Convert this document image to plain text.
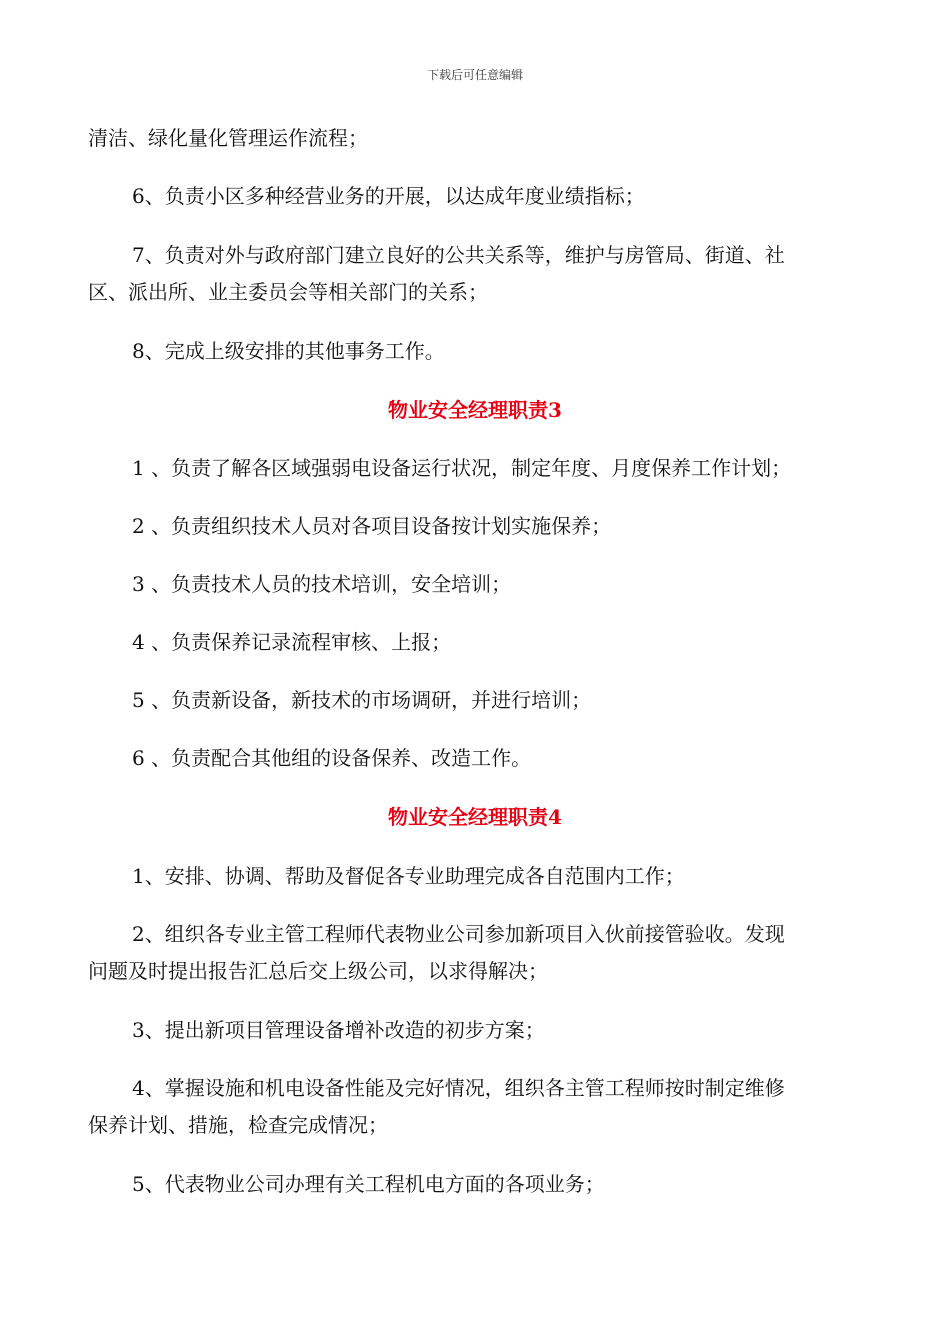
下载后可任意编辑
清洁、绿化量化管理运作流程；
6、负责小区多种经营业务的开展，以达成年度业绩指标；
7、负责对外与政府部门建立良好的公共关系等，维护与房管局、街道、社
区、派出所、业主委员会等相关部门的关系；
8、完成上级安排的其他事务工作。
物业安全经理职责3
1 、负责了解各区域强弱电设备运行状况，制定年度、月度保养工作计划；
2 、负责组织技术人员对各项目设备按计划实施保养；
3 、负责技术人员的技术培训，安全培训；
4 、负责保养记录流程审核、上报；
5 、负责新设备，新技术的市场调研，并进行培训；
6 、负责配合其他组的设备保养、改造工作。
物业安全经理职责4
1、安排、协调、帮助及督促各专业助理完成各自范围内工作；
2、组织各专业主管工程师代表物业公司参加新项目入伙前接管验收。发现
问题及时提出报告汇总后交上级公司，以求得解决；
3、提出新项目管理设备增补改造的初步方案；
4、掌握设施和机电设备性能及完好情况，组织各主管工程师按时制定维修
保养计划、措施，检查完成情况；
5、代表物业公司办理有关工程机电方面的各项业务；
